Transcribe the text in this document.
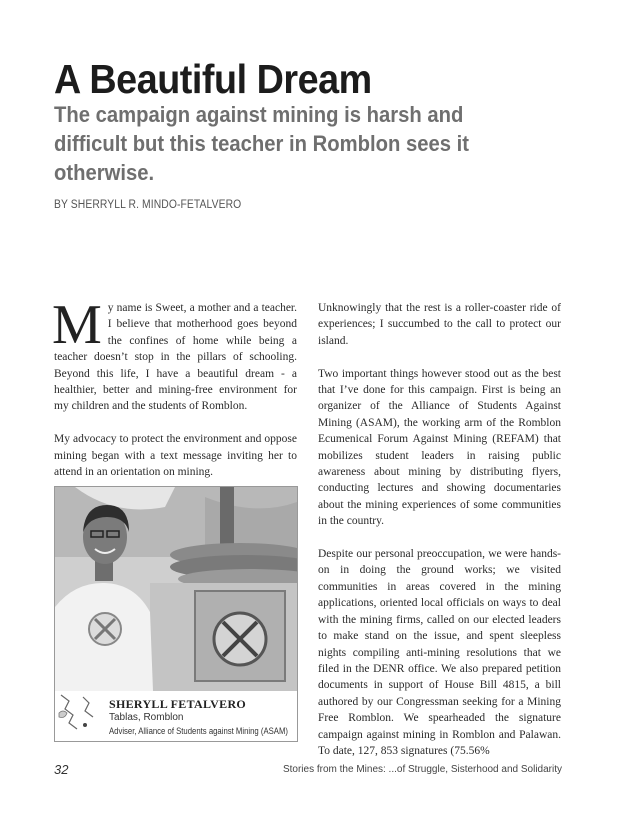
A Beautiful Dream
The campaign against mining is harsh and difficult but this teacher in Romblon sees it otherwise.
BY SHERRYLL R. MINDO-FETALVERO

My name is Sweet, a mother and a teacher. I believe that motherhood goes beyond the confines of home while being a teacher doesn’t stop in the pillars of schooling. Beyond this life, I have a beautiful dream - a healthier, better and mining-free environment for my children and the students of Romblon.

My advocacy to protect the environment and oppose mining began with a text message inviting her to attend in an orientation on mining.

SHERYLL FETALVERO
Tablas, Romblon
Adviser, Alliance of Students against Mining (ASAM)

Unknowingly that the rest is a roller-coaster ride of experiences; I succumbed to the call to protect our island.

Two important things however stood out as the best that I’ve done for this campaign. First is being an organizer of the Alliance of Students Against Mining (ASAM), the working arm of the Romblon Ecumenical Forum Against Mining (REFAM) that mobilizes student leaders in raising public awareness about mining by distributing flyers, conducting lectures and showing documentaries about the mining experiences of some communities in the country.

Despite our personal preoccupation, we were hands-on in doing the ground works; we visited communities in areas covered in the mining applications, oriented local officials on ways to deal with the mining firms, called on our elected leaders to make stand on the issue, and spent sleepless nights compiling anti-mining resolutions that we filed in the DENR office. We also prepared petition documents in support of House Bill 4815, a bill authored by our Congressman seeking for a Mining Free Romblon. We spearheaded the signature campaign against mining in Romblon and Palawan. To date, 127, 853 signatures (75.56%

32	Stories from the Mines: ...of Struggle, Sisterhood and Solidarity
